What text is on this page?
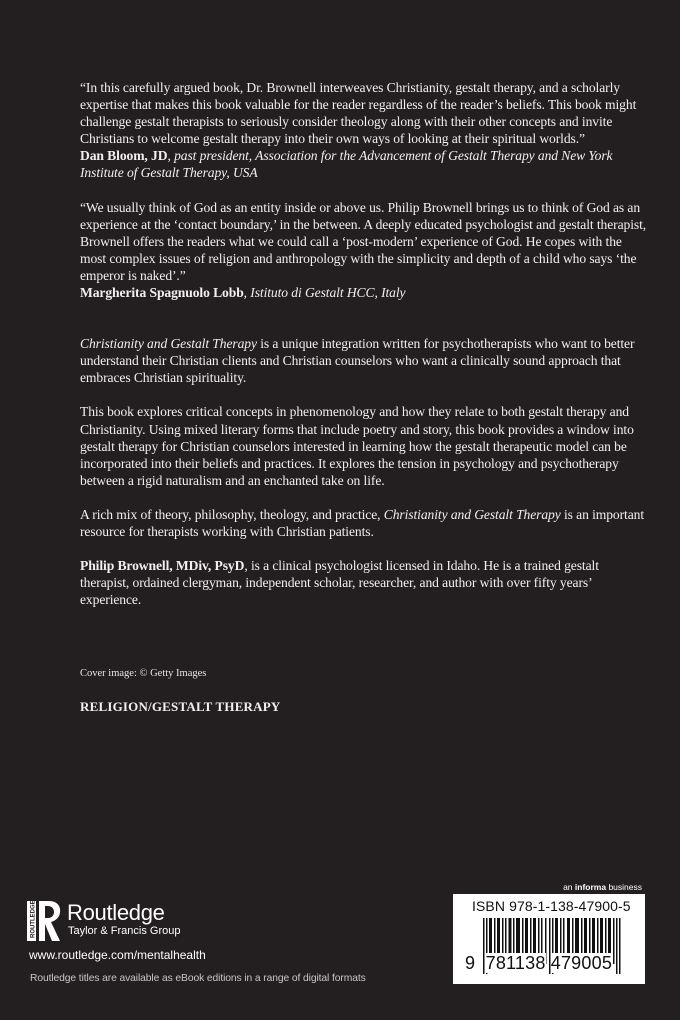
“In this carefully argued book, Dr. Brownell interweaves Christianity, gestalt therapy, and a scholarly expertise that makes this book valuable for the reader regardless of the reader’s beliefs. This book might challenge gestalt therapists to seriously consider theology along with their other concepts and invite Christians to welcome gestalt therapy into their own ways of looking at their spiritual worlds.”

Dan Bloom, JD, past president, Association for the Advancement of Gestalt Therapy and New York Institute of Gestalt Therapy, USA

“We usually think of God as an entity inside or above us. Philip Brownell brings us to think of God as an experience at the ‘contact boundary,’ in the between. A deeply educated psychologist and gestalt therapist, Brownell offers the readers what we could call a ‘post-modern’ experience of God. He copes with the most complex issues of religion and anthropology with the simplicity and depth of a child who says ‘the emperor is naked’.”

Margherita Spagnuolo Lobb, Istituto di Gestalt HCC, Italy

Christianity and Gestalt Therapy is a unique integration written for psychotherapists who want to better understand their Christian clients and Christian counselors who want a clinically sound approach that embraces Christian spirituality.

This book explores critical concepts in phenomenology and how they relate to both gestalt therapy and Christianity. Using mixed literary forms that include poetry and story, this book provides a window into gestalt therapy for Christian counselors interested in learning how the gestalt therapeutic model can be incorporated into their beliefs and practices. It explores the tension in psychology and psychotherapy between a rigid naturalism and an enchanted take on life.

A rich mix of theory, philosophy, theology, and practice, Christianity and Gestalt Therapy is an important resource for therapists working with Christian patients.

Philip Brownell, MDiv, PsyD, is a clinical psychologist licensed in Idaho. He is a trained gestalt therapist, ordained clergyman, independent scholar, researcher, and author with over fifty years’ experience.

Cover image: © Getty Images
RELIGION/GESTALT THERAPY
ROUTLEDGE Routledge
Taylor & Francis Group
www.routledge.com/mentalhealth
Routledge titles are available as eBook editions in a range of digital formats
an informa business
ISBN 978-1-138-47900-5
9 781138 479005
